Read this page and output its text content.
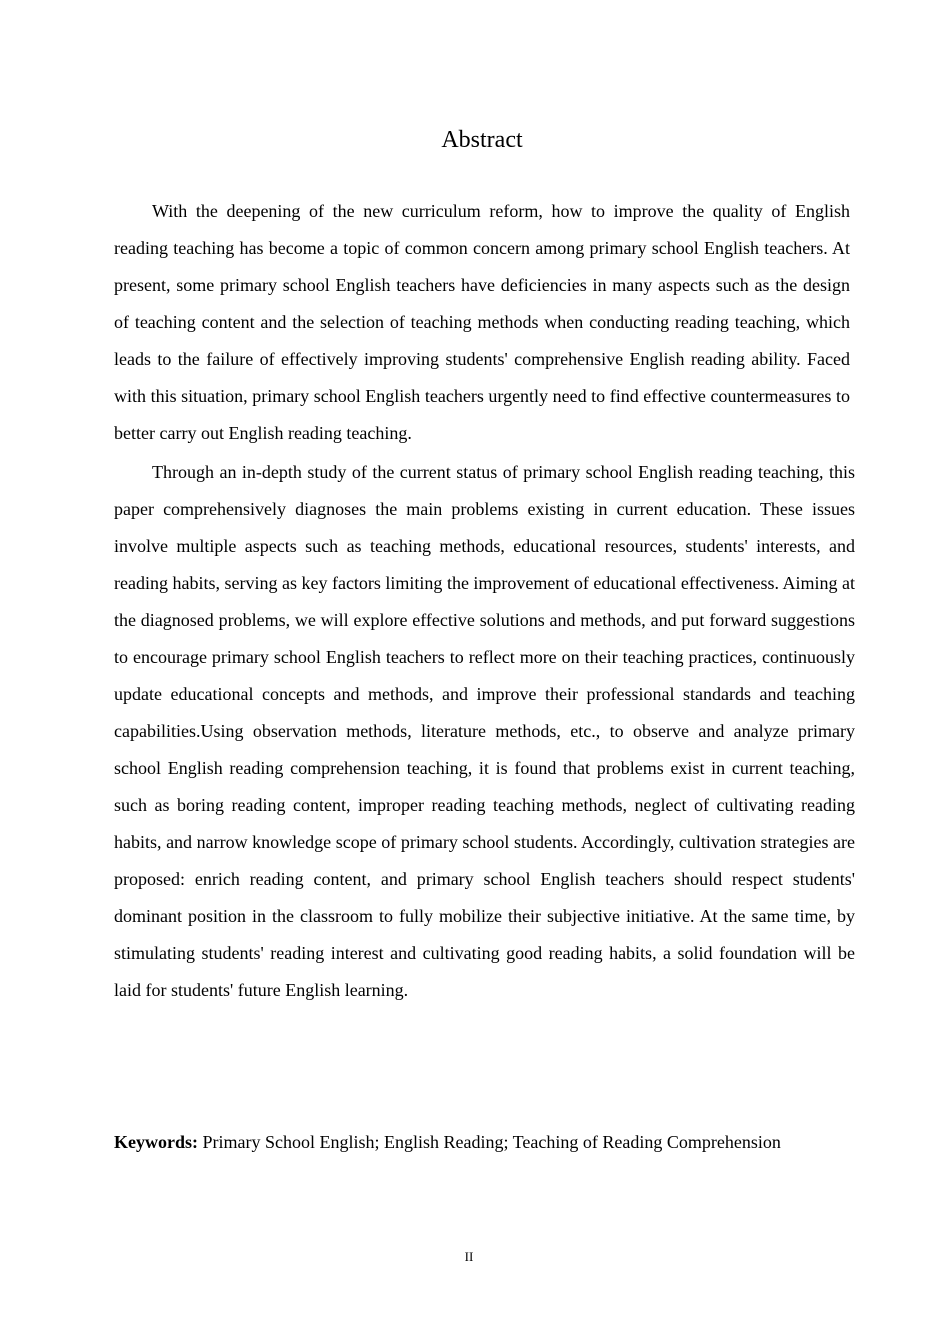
Abstract

With the deepening of the new curriculum reform, how to improve the quality of English reading teaching has become a topic of common concern among primary school English teachers. At present, some primary school English teachers have deficiencies in many aspects such as the design of teaching content and the selection of teaching methods when conducting reading teaching, which leads to the failure of effectively improving students' comprehensive English reading ability. Faced with this situation, primary school English teachers urgently need to find effective countermeasures to better carry out English reading teaching.

Through an in-depth study of the current status of primary school English reading teaching, this paper comprehensively diagnoses the main problems existing in current education. These issues involve multiple aspects such as teaching methods, educational resources, students' interests, and reading habits, serving as key factors limiting the improvement of educational effectiveness. Aiming at the diagnosed problems, we will explore effective solutions and methods, and put forward suggestions to encourage primary school English teachers to reflect more on their teaching practices, continuously update educational concepts and methods, and improve their professional standards and teaching capabilities.Using observation methods, literature methods, etc., to observe and analyze primary school English reading comprehension teaching, it is found that problems exist in current teaching, such as boring reading content, improper reading teaching methods, neglect of cultivating reading habits, and narrow knowledge scope of primary school students. Accordingly, cultivation strategies are proposed: enrich reading content, and primary school English teachers should respect students' dominant position in the classroom to fully mobilize their subjective initiative. At the same time, by stimulating students' reading interest and cultivating good reading habits, a solid foundation will be laid for students' future English learning.

Keywords: Primary School English; English Reading; Teaching of Reading Comprehension

II
